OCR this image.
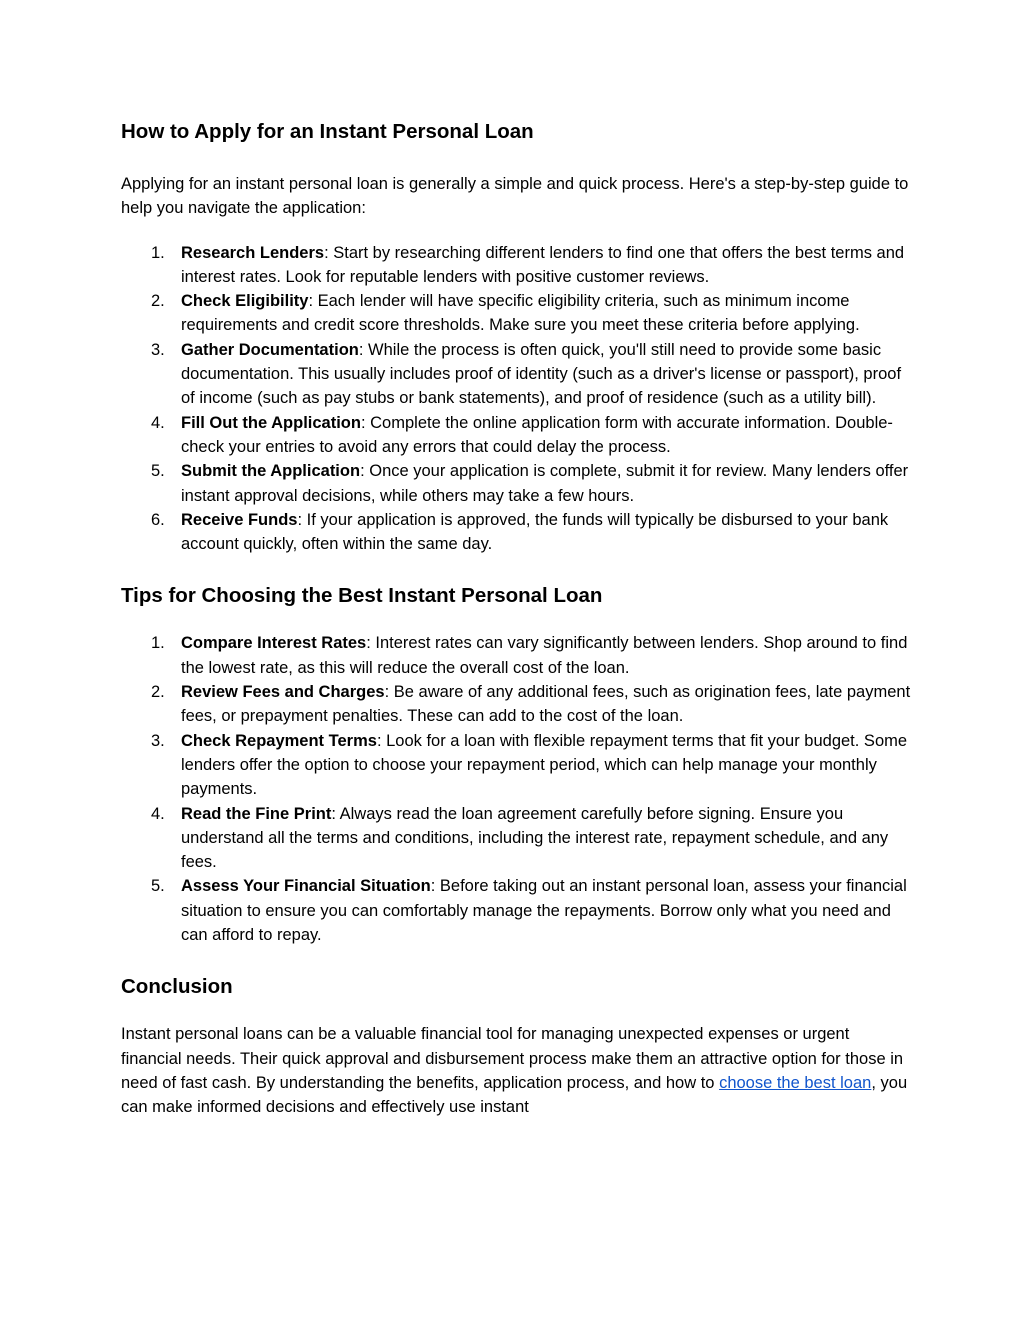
How to Apply for an Instant Personal Loan

Applying for an instant personal loan is generally a simple and quick process. Here's a step-by-step guide to help you navigate the application:

1. Research Lenders: Start by researching different lenders to find one that offers the best terms and interest rates. Look for reputable lenders with positive customer reviews.
2. Check Eligibility: Each lender will have specific eligibility criteria, such as minimum income requirements and credit score thresholds. Make sure you meet these criteria before applying.
3. Gather Documentation: While the process is often quick, you'll still need to provide some basic documentation. This usually includes proof of identity (such as a driver's license or passport), proof of income (such as pay stubs or bank statements), and proof of residence (such as a utility bill).
4. Fill Out the Application: Complete the online application form with accurate information. Double-check your entries to avoid any errors that could delay the process.
5. Submit the Application: Once your application is complete, submit it for review. Many lenders offer instant approval decisions, while others may take a few hours.
6. Receive Funds: If your application is approved, the funds will typically be disbursed to your bank account quickly, often within the same day.
Tips for Choosing the Best Instant Personal Loan
1. Compare Interest Rates: Interest rates can vary significantly between lenders. Shop around to find the lowest rate, as this will reduce the overall cost of the loan.
2. Review Fees and Charges: Be aware of any additional fees, such as origination fees, late payment fees, or prepayment penalties. These can add to the cost of the loan.
3. Check Repayment Terms: Look for a loan with flexible repayment terms that fit your budget. Some lenders offer the option to choose your repayment period, which can help manage your monthly payments.
4. Read the Fine Print: Always read the loan agreement carefully before signing. Ensure you understand all the terms and conditions, including the interest rate, repayment schedule, and any fees.
5. Assess Your Financial Situation: Before taking out an instant personal loan, assess your financial situation to ensure you can comfortably manage the repayments. Borrow only what you need and can afford to repay.
Conclusion

Instant personal loans can be a valuable financial tool for managing unexpected expenses or urgent financial needs. Their quick approval and disbursement process make them an attractive option for those in need of fast cash. By understanding the benefits, application process, and how to choose the best loan, you can make informed decisions and effectively use instant
